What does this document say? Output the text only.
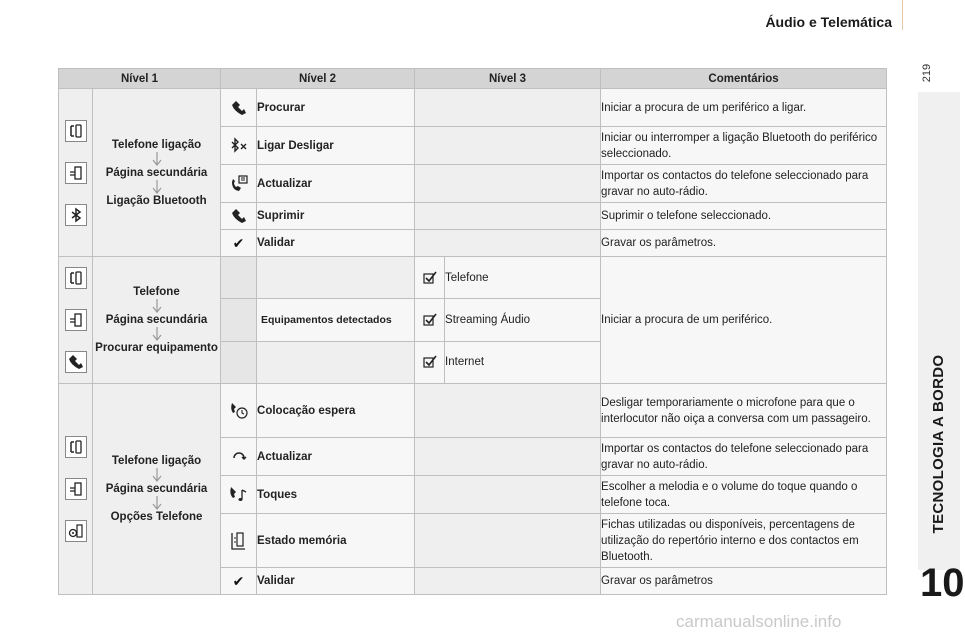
Áudio e Telemática
219
TECNOLOGIA A BORDO
10
carmanualsonline.info
Nível 1		Nível 2		Nível 3		Comentários

Telefone ligação
Página secundária
Ligação Bluetooth		Procurar			Iniciar a procura de um periférico a ligar.
	Ligar Desligar			Iniciar ou interromper a ligação Bluetooth do periférico seleccionado.
	Actualizar			Importar os contactos do telefone seleccionado para gravar no auto-rádio.
	Suprimir			Suprimir o telefone seleccionado.
		✔	Validar			Gravar os parâmetros.

Telefone
Página secundária
Procurar equipamento				Telefone	Iniciar a procura de um periférico.
			Equipamentos detectados		Streaming Áudio	
			Internet	

Telefone ligação
Página secundária
Opções Telefone		Colocação espera			Desligar temporariamente o microfone para que o interlocutor não oiça a conversa com um passageiro.
	Actualizar			Importar os contactos do telefone seleccionado para gravar no auto-rádio.
	Toques			Escolher a melodia e o volume do toque quando o telefone toca.
	Estado memória			Fichas utilizadas ou disponíveis, percentagens de utilização do repertório interno e dos contactos em Bluetooth.
		✔	Validar			Gravar os parâmetros
